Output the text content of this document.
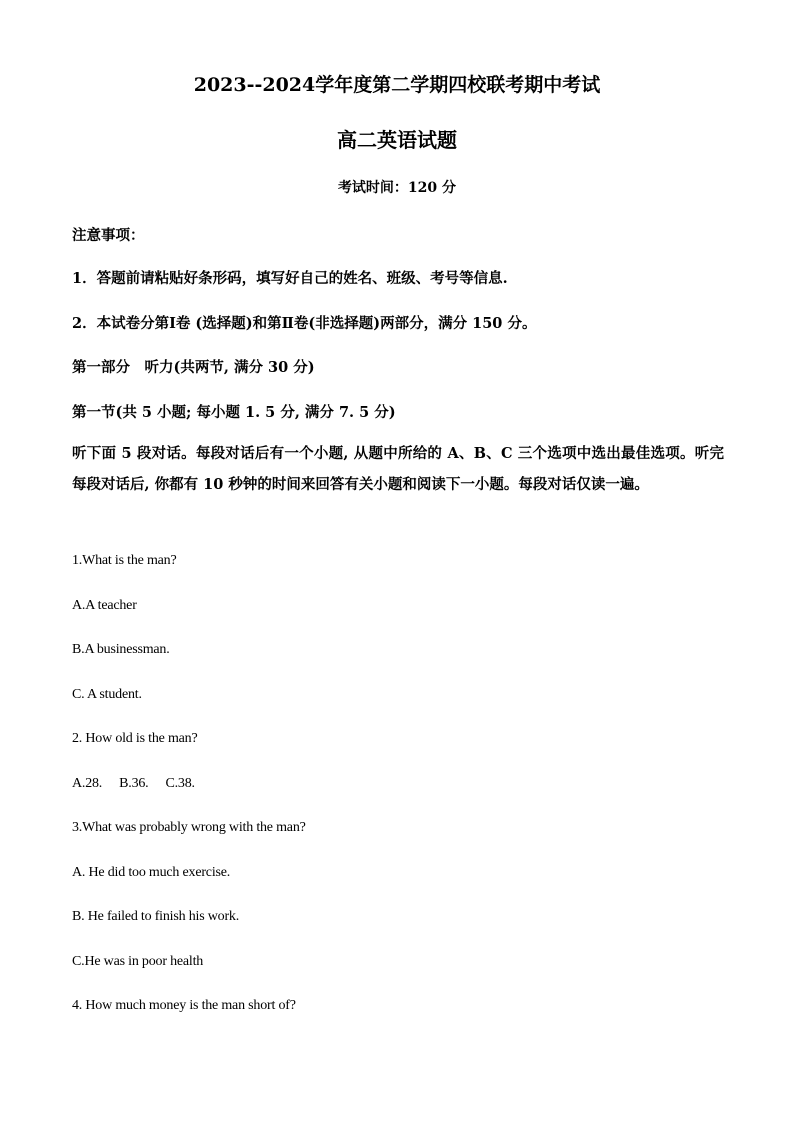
2023--2024学年度第二学期四校联考期中考试
高二英语试题
考试时间：120 分
注意事项：
1．答题前请粘贴好条形码，填写好自己的姓名、班级、考号等信息.
2．本试卷分第Ⅰ卷 (选择题)和第Ⅱ卷(非选择题)两部分，满分 150 分。
第一部分　听力(共两节, 满分 30 分)
第一节(共 5 小题; 每小题 1. 5 分, 满分 7. 5 分)
听下面 5 段对话。每段对话后有一个小题, 从题中所给的 A、B、C 三个选项中选出最佳选项。听完每段对话后, 你都有 10 秒钟的时间来回答有关小题和阅读下一小题。每段对话仅读一遍。
1.What is the man?
A.A teacher
B.A businessman.
C. A student.
2. How old is the man?
A.28. B.36. C.38.
3.What was probably wrong with the man?
A. He did too much exercise.
B. He failed to finish his work.
C.He was in poor health
4. How much money is the man short of?
